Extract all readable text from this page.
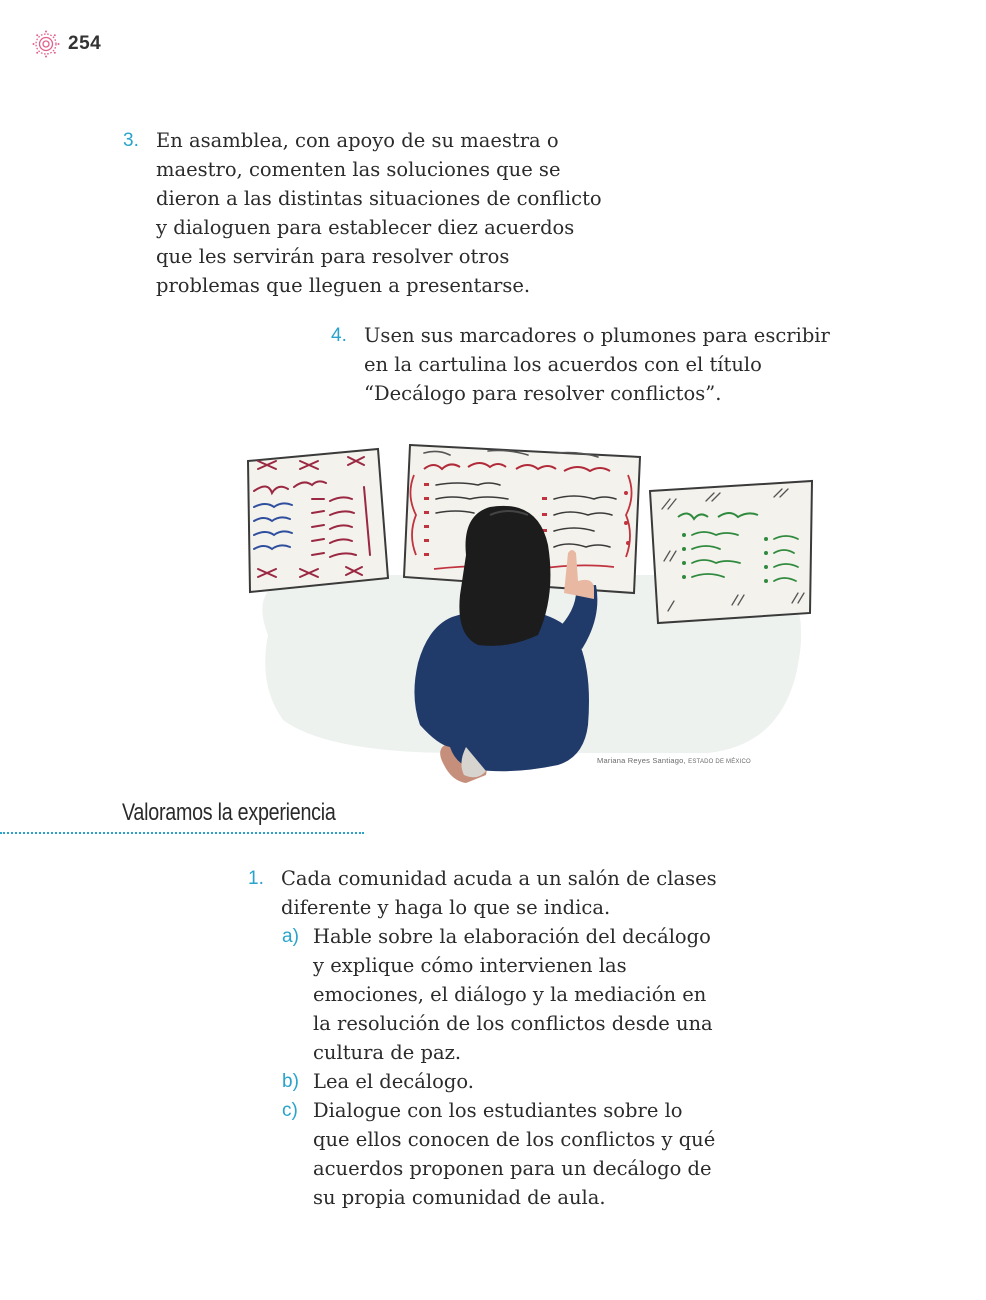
254
3. En asamblea, con apoyo de su maestra o
maestro, comenten las soluciones que se
dieron a las distintas situaciones de conflicto
y dialoguen para establecer diez acuerdos
que les servirán para resolver otros
problemas que lleguen a presentarse.
4. Usen sus marcadores o plumones para escribir
en la cartulina los acuerdos con el título
“Decálogo para resolver conflictos”.
Mariana Reyes Santiago, ESTADO DE MÉXICO
Valoramos la experiencia
1. Cada comunidad acuda a un salón de clases
diferente y haga lo que se indica.
a) Hable sobre la elaboración del decálogo
y explique cómo intervienen las
emociones, el diálogo y la mediación en
la resolución de los conflictos desde una
cultura de paz.
b) Lea el decálogo.
c) Dialogue con los estudiantes sobre lo
que ellos conocen de los conflictos y qué
acuerdos proponen para un decálogo de
su propia comunidad de aula.
